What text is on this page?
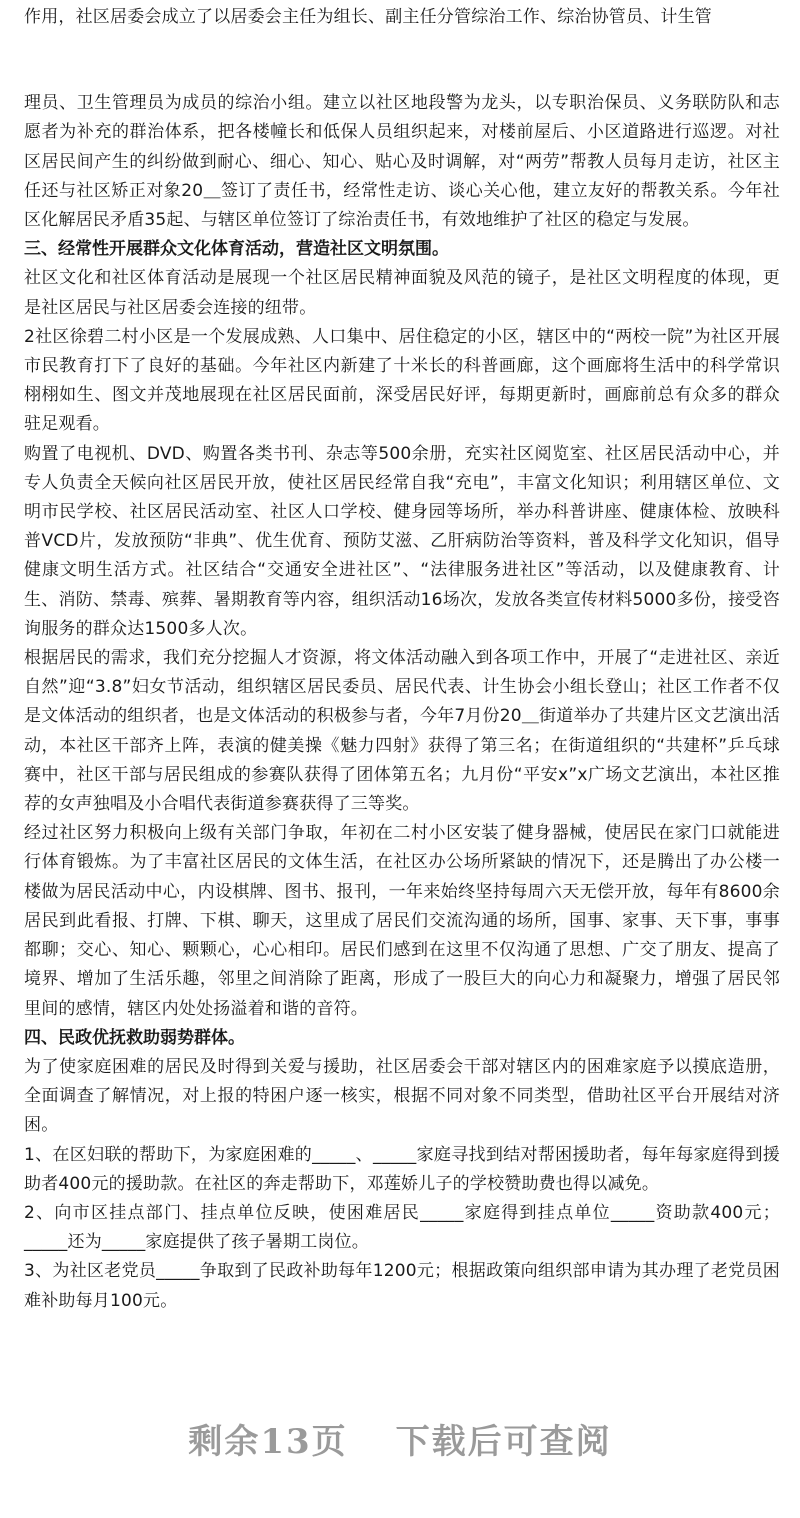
作用，社区居委会成立了以居委会主任为组长、副主任分管综治工作、综治协管员、计生管

理员、卫生管理员为成员的综治小组。建立以社区地段警为龙头，以专职治保员、义务联防队和志愿者为补充的群治体系，把各楼幢长和低保人员组织起来，对楼前屋后、小区道路进行巡逻。对社区居民间产生的纠纷做到耐心、细心、知心、贴心及时调解，对“两劳”帮教人员每月走访，社区主任还与社区矫正对象20＿签订了责任书，经常性走访、谈心关心他，建立友好的帮教关系。今年社区化解居民矛盾35起、与辖区单位签订了综治责任书，有效地维护了社区的稳定与发展。

三、经常性开展群众文化体育活动，营造社区文明氛围。

社区文化和社区体育活动是展现一个社区居民精神面貌及风范的镜子，是社区文明程度的体现，更是社区居民与社区居委会连接的纽带。

2社区徐碧二村小区是一个发展成熟、人口集中、居住稳定的小区，辖区中的“两校一院”为社区开展市民教育打下了良好的基础。今年社区内新建了十米长的科普画廊，这个画廊将生活中的科学常识栩栩如生、图文并茂地展现在社区居民面前，深受居民好评，每期更新时，画廊前总有众多的群众驻足观看。

购置了电视机、DVD、购置各类书刊、杂志等500余册，充实社区阅览室、社区居民活动中心，并专人负责全天候向社区居民开放，使社区居民经常自我“充电”，丰富文化知识；利用辖区单位、文明市民学校、社区居民活动室、社区人口学校、健身园等场所，举办科普讲座、健康体检、放映科普VCD片，发放预防“非典”、优生优育、预防艾滋、乙肝病防治等资料，普及科学文化知识，倡导健康文明生活方式。社区结合“交通安全进社区”、“法律服务进社区”等活动，以及健康教育、计生、消防、禁毒、殡葬、暑期教育等内容，组织活动16场次，发放各类宣传材料5000多份，接受咨询服务的群众达1500多人次。

根据居民的需求，我们充分挖掘人才资源，将文体活动融入到各项工作中，开展了“走进社区、亲近自然”迎“3.8”妇女节活动，组织辖区居民委员、居民代表、计生协会小组长登山；社区工作者不仅是文体活动的组织者，也是文体活动的积极参与者，今年7月份20＿街道举办了共建片区文艺演出活动，本社区干部齐上阵，表演的健美操《魅力四射》获得了第三名；在街道组织的“共建杯”乒乓球赛中，社区干部与居民组成的参赛队获得了团体第五名；九月份“平安x”x广场文艺演出，本社区推荐的女声独唱及小合唱代表街道参赛获得了三等奖。

经过社区努力积极向上级有关部门争取，年初在二村小区安装了健身器械，使居民在家门口就能进行体育锻炼。为了丰富社区居民的文体生活，在社区办公场所紧缺的情况下，还是腾出了办公楼一楼做为居民活动中心，内设棋牌、图书、报刊，一年来始终坚持每周六天无偿开放，每年有8600余居民到此看报、打牌、下棋、聊天，这里成了居民们交流沟通的场所，国事、家事、天下事，事事都聊；交心、知心、颗颗心，心心相印。居民们感到在这里不仅沟通了思想、广交了朋友、提高了境界、增加了生活乐趣，邻里之间消除了距离，形成了一股巨大的向心力和凝聚力，增强了居民邻里间的感情，辖区内处处扬溢着和谐的音符。

四、民政优抚救助弱势群体。

为了使家庭困难的居民及时得到关爱与援助，社区居委会干部对辖区内的困难家庭予以摸底造册，全面调查了解情况，对上报的特困户逐一核实，根据不同对象不同类型，借助社区平台开展结对济困。

1、在区妇联的帮助下，为家庭困难的_____、_____家庭寻找到结对帮困援助者，每年每家庭得到援助者400元的援助款。在社区的奔走帮助下，邓莲娇儿子的学校赞助费也得以减免。

2、向市区挂点部门、挂点单位反映，使困难居民_____家庭得到挂点单位_____资助款400元；_____还为_____家庭提供了孩子暑期工岗位。

3、为社区老党员_____争取到了民政补助每年1200元；根据政策向组织部申请为其办理了老党员困难补助每月100元。

剩余13页 下载后可查阅
